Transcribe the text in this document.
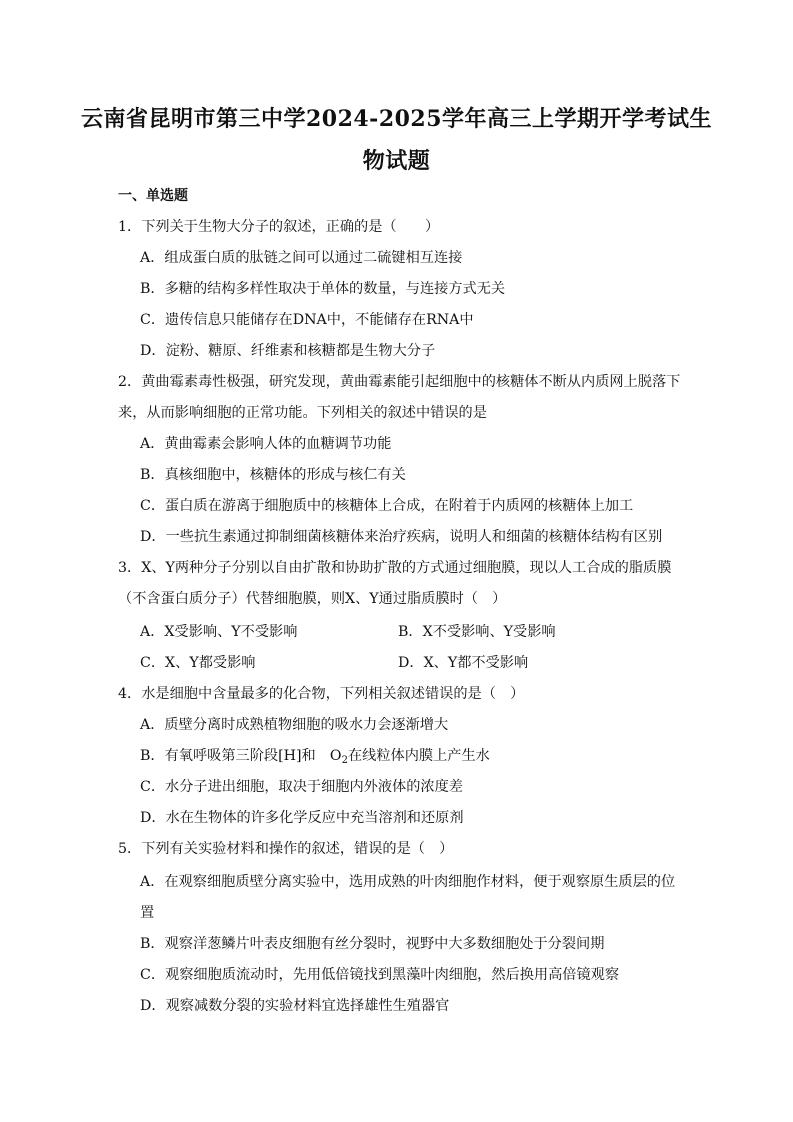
云南省昆明市第三中学2024-2025学年高三上学期开学考试生
物试题
一、单选题
1．下列关于生物大分子的叙述，正确的是（　　）
A．组成蛋白质的肽链之间可以通过二硫键相互连接
B．多糖的结构多样性取决于单体的数量，与连接方式无关
C．遗传信息只能储存在DNA中，不能储存在RNA中
D．淀粉、糖原、纤维素和核糖都是生物大分子
2．黄曲霉素毒性极强，研究发现，黄曲霉素能引起细胞中的核糖体不断从内质网上脱落下
来，从而影响细胞的正常功能。下列相关的叙述中错误的是
A．黄曲霉素会影响人体的血糖调节功能
B．真核细胞中，核糖体的形成与核仁有关
C．蛋白质在游离于细胞质中的核糖体上合成，在附着于内质网的核糖体上加工
D．一些抗生素通过抑制细菌核糖体来治疗疾病，说明人和细菌的核糖体结构有区别
3．X、Y两种分子分别以自由扩散和协助扩散的方式通过细胞膜，现以人工合成的脂质膜
（不含蛋白质分子）代替细胞膜，则X、Y通过脂质膜时（　）
A．X受影响、Y不受影响	B．X不受影响、Y受影响
C．X、Y都受影响	D．X、Y都不受影响
4．水是细胞中含量最多的化合物，下列相关叙述错误的是（　）
A．质壁分离时成熟植物细胞的吸水力会逐渐增大
B．有氧呼吸第三阶段[H]和　$O_2$在线粒体内膜上产生水
C．水分子进出细胞，取决于细胞内外液体的浓度差
D．水在生物体的许多化学反应中充当溶剂和还原剂
5．下列有关实验材料和操作的叙述，错误的是（　）
A．在观察细胞质壁分离实验中，选用成熟的叶肉细胞作材料，便于观察原生质层的位
置
B．观察洋葱鳞片叶表皮细胞有丝分裂时，视野中大多数细胞处于分裂间期
C．观察细胞质流动时，先用低倍镜找到黑藻叶肉细胞，然后换用高倍镜观察
D．观察减数分裂的实验材料宜选择雄性生殖器官
